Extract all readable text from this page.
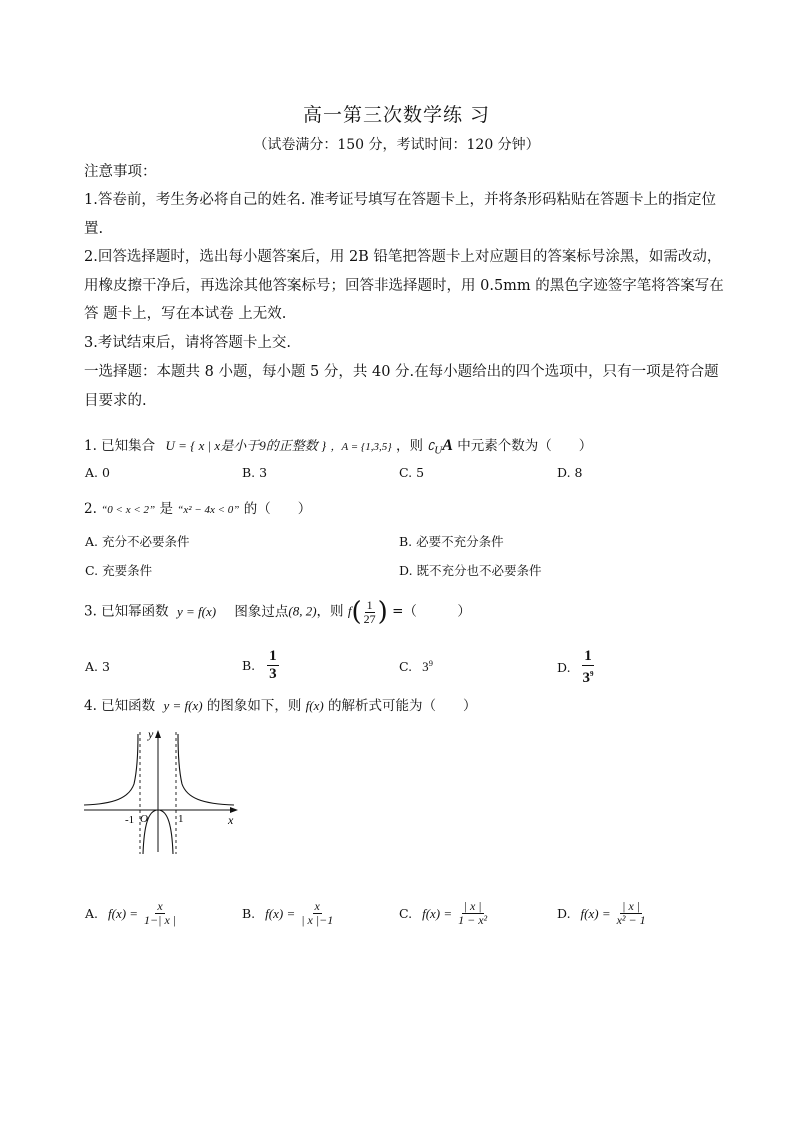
高一第三次数学练 习
（试卷满分：150 分，考试时间：120 分钟）
注意事项：
1.答卷前，考生务必将自己的姓名. 准考证号填写在答题卡上，并将条形码粘贴在答题卡上的指定位置.
2.回答选择题时，选出每小题答案后，用 2B 铅笔把答题卡上对应题目的答案标号涂黑，如需改动，用橡皮擦干净后，再选涂其他答案标号；回答非选择题时，用 0.5mm 的黑色字迹签字笔将答案写在答 题卡上，写在本试卷 上无效.
3.考试结束后，请将答题卡上交.
一选择题：本题共 8 小题，每小题 5 分，共 40 分.在每小题给出的四个选项中，只有一项是符合题目要求的.
1. 已知集合 U = { x | x是小于9的正整数 } ，A = {1,3,5} ，则 $∁_UA$ 中元素个数为（　　）
A. 0	B. 3	C. 5	D. 8
2. “0 < x < 2” 是 “x² − 4x < 0” 的（　　）
A. 充分不必要条件	B. 必要不充分条件
C. 充要条件	D. 既不充分也不必要条件
3. 已知幂函数 y = f(x) 图象过点(8, 2)，则 $f( \frac{1}{27}$ ) =（　　　）
A. 3	B. $\frac{1}{3}$	C. $3^9$	D. $\frac{1}{3^9}$
4. 已知函数 y = f(x) 的图象如下，则 f(x) 的解析式可能为（　　）
y
x
O
-1	1
A. $f(x) = \frac{x}{1-| x |}$	B. $f(x) = \frac{x}{| x |-1}$	C. $f(x) = \frac{| x |}{\text{1 − x²}}$	D. $f(x) = \frac{| x |}{\text{x² − 1}}$
